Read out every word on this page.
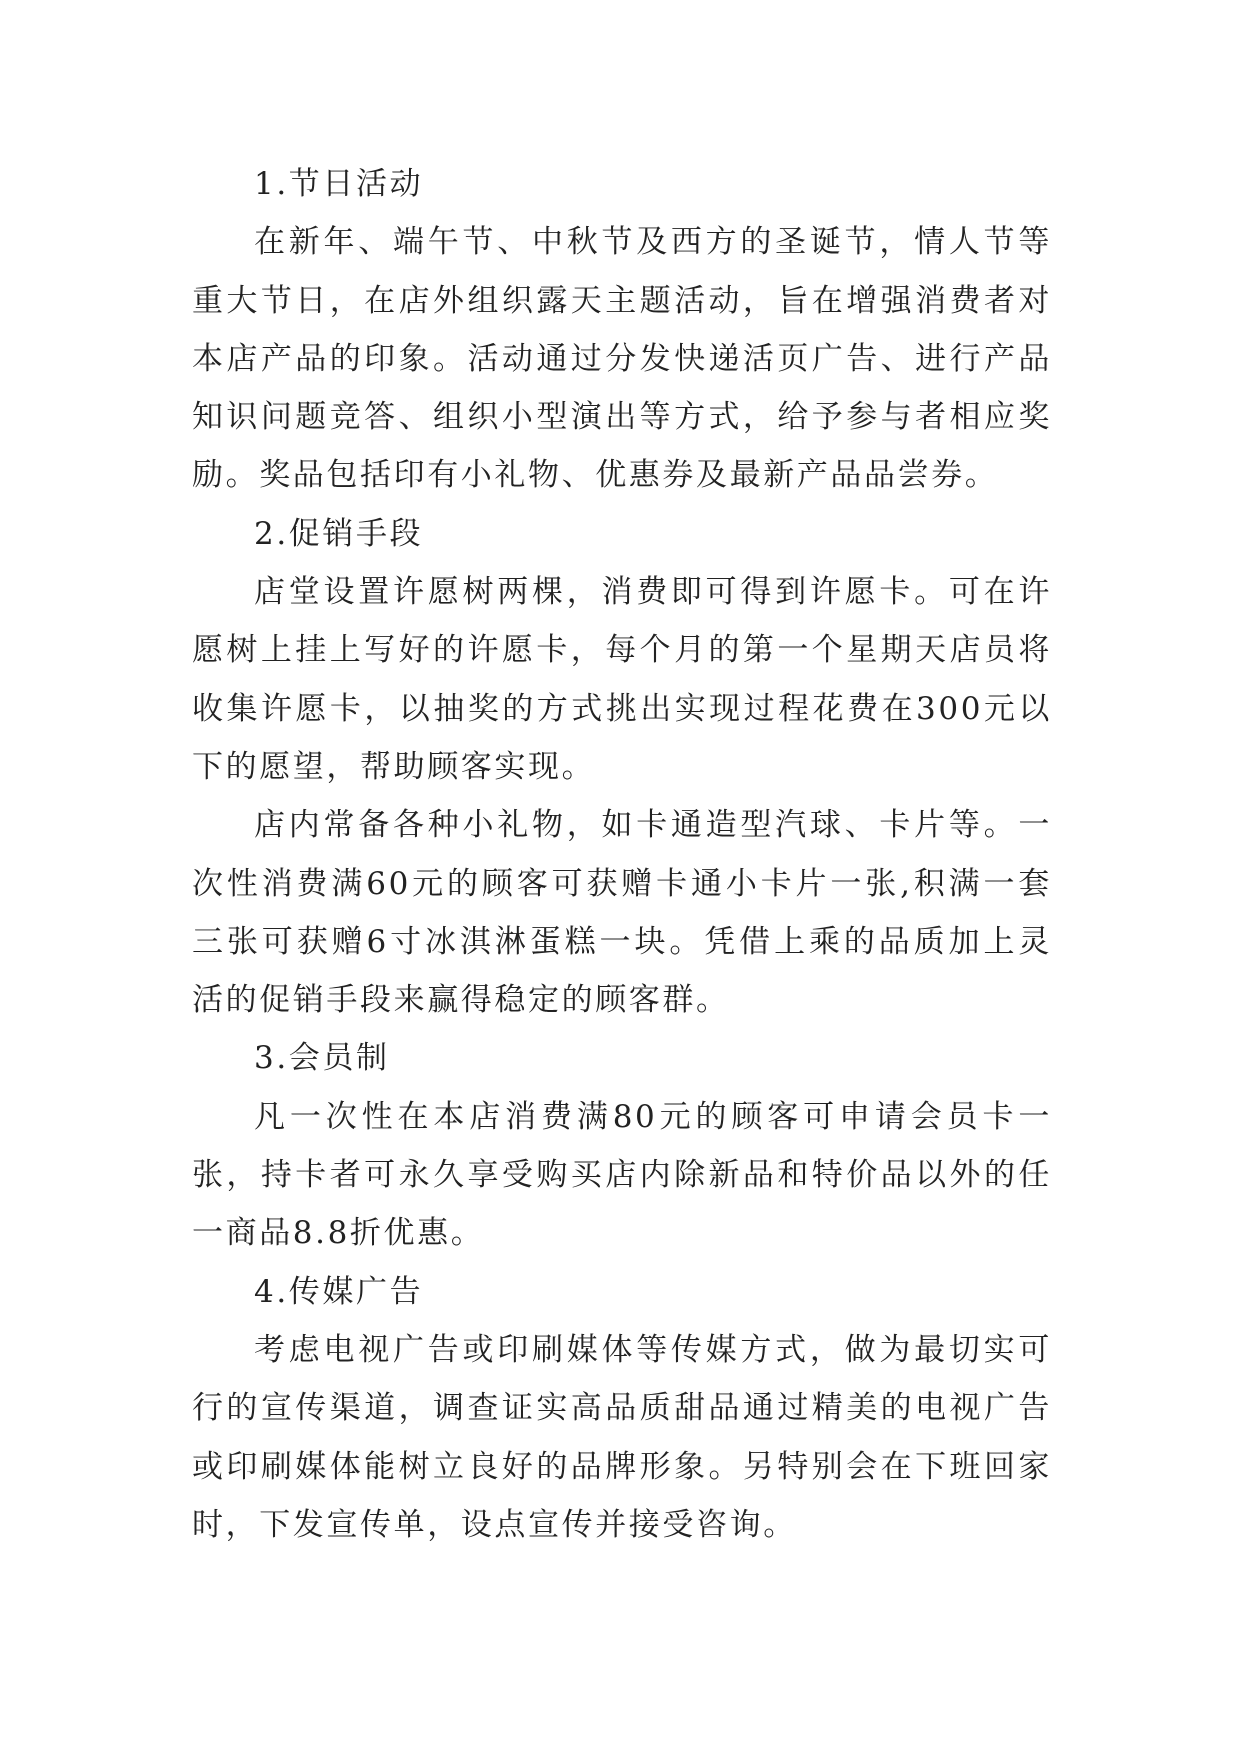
1.节日活动

在新年、端午节、中秋节及西方的圣诞节，情人节等重大节日，在店外组织露天主题活动，旨在增强消费者对本店产品的印象。活动通过分发快递活页广告、进行产品知识问题竞答、组织小型演出等方式，给予参与者相应奖励。奖品包括印有小礼物、优惠券及最新产品品尝券。

2.促销手段

店堂设置许愿树两棵，消费即可得到许愿卡。可在许愿树上挂上写好的许愿卡，每个月的第一个星期天店员将收集许愿卡，以抽奖的方式挑出实现过程花费在300元以下的愿望，帮助顾客实现。

店内常备各种小礼物，如卡通造型汽球、卡片等。一次性消费满60元的顾客可获赠卡通小卡片一张,积满一套三张可获赠6寸冰淇淋蛋糕一块。凭借上乘的品质加上灵活的促销手段来赢得稳定的顾客群。

3.会员制

凡一次性在本店消费满80元的顾客可申请会员卡一张，持卡者可永久享受购买店内除新品和特价品以外的任一商品8.8折优惠。

4.传媒广告

考虑电视广告或印刷媒体等传媒方式，做为最切实可行的宣传渠道，调查证实高品质甜品通过精美的电视广告或印刷媒体能树立良好的品牌形象。另特别会在下班回家时，下发宣传单，设点宣传并接受咨询。
